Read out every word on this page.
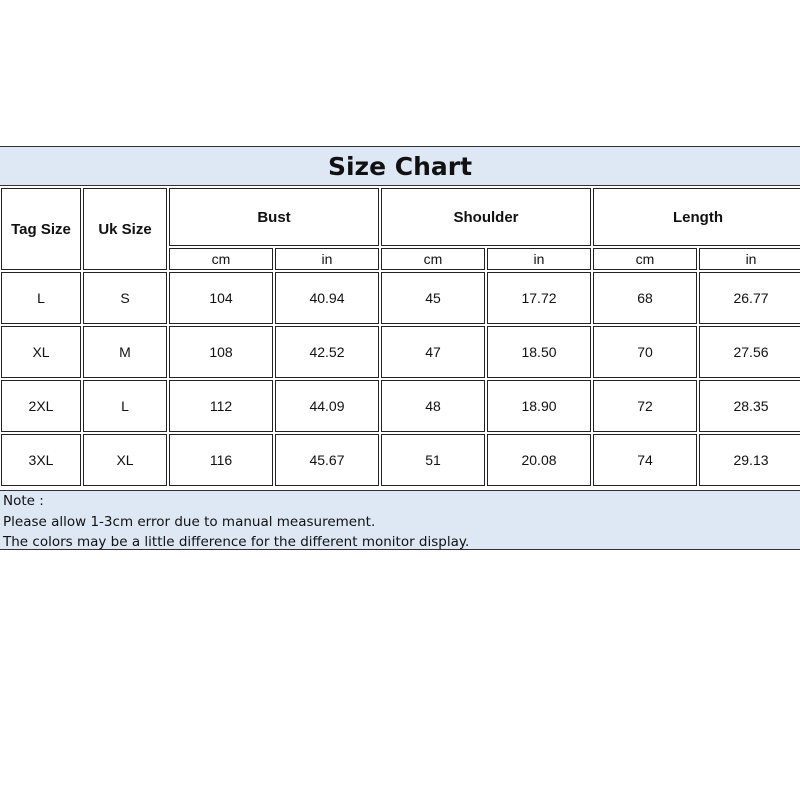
Size Chart
Tag Size	Uk Size	Bust		Shoulder		Length	
		cm	in	cm	in	cm	in
L	S	104	40.94	45	17.72	68	26.77
XL	M	108	42.52	47	18.50	70	27.56
2XL	L	112	44.09	48	18.90	72	28.35
3XL	XL	116	45.67	51	20.08	74	29.13
Note :
Please allow 1-3cm error due to manual measurement.
The colors may be a little difference for the different monitor display.
